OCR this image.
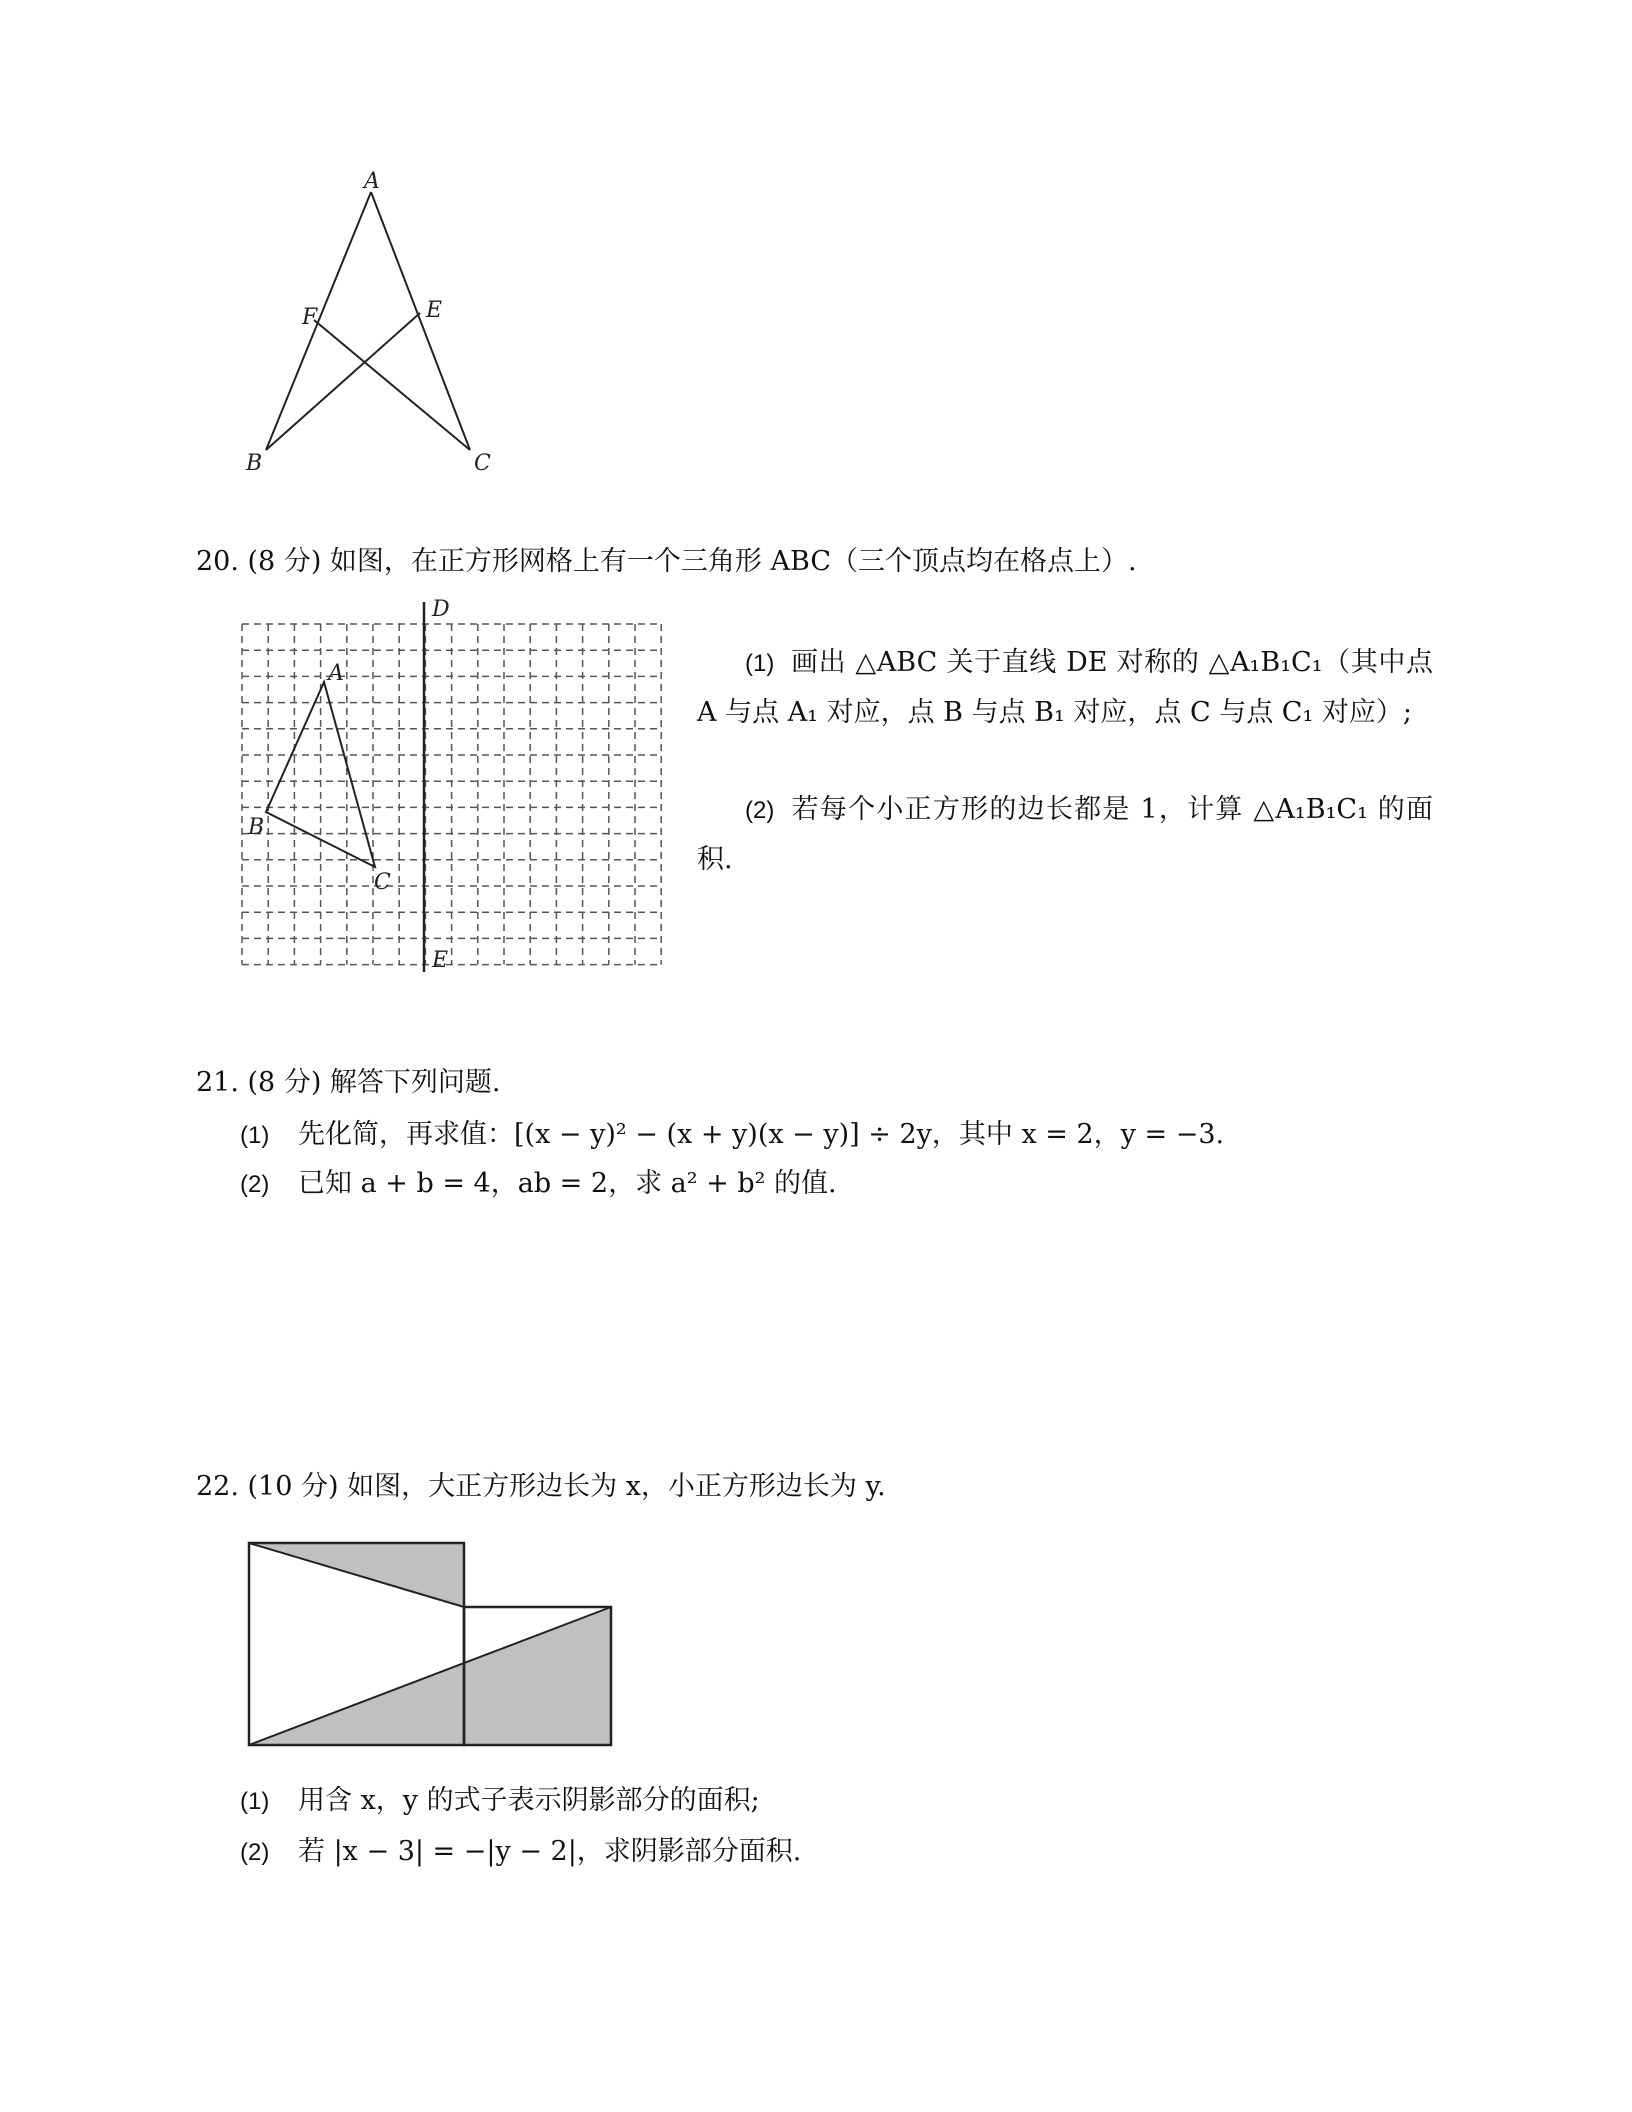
A
F	E
B	C
20. (8 分) 如图，在正方形网格上有一个三角形 ABC（三个顶点均在格点上）.
D
A
B
C
E
(1) 画出 △ABC 关于直线 DE 对称的 △A₁B₁C₁（其中点 A 与点 A₁ 对应，点 B 与点 B₁ 对应，点 C 与点 C₁ 对应）;
(2) 若每个小正方形的边长都是 1，计算 △A₁B₁C₁ 的面积.
21. (8 分) 解答下列问题.
(1) 先化简，再求值：[(x − y)² − (x + y)(x − y)] ÷ 2y，其中 x = 2，y = −3.
(2) 已知 a + b = 4，ab = 2，求 a² + b² 的值.
22. (10 分) 如图，大正方形边长为 x，小正方形边长为 y.
(1) 用含 x，y 的式子表示阴影部分的面积;
(2) 若 |x − 3| = −|y − 2|，求阴影部分面积.
